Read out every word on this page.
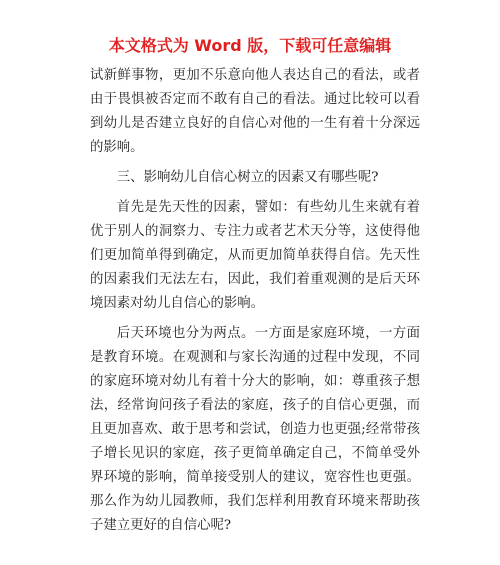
本文格式为 Word 版，下载可任意编辑

试新鲜事物，更加不乐意向他人表达自己的看法，或者由于畏惧被否定而不敢有自己的看法。通过比较可以看到幼儿是否建立良好的自信心对他的一生有着十分深远的影响。

三、影响幼儿自信心树立的因素又有哪些呢?

首先是先天性的因素，譬如：有些幼儿生来就有着优于别人的洞察力、专注力或者艺术天分等，这使得他们更加简单得到确定，从而更加简单获得自信。先天性的因素我们无法左右，因此，我们着重观测的是后天环境因素对幼儿自信心的影响。

后天环境也分为两点。一方面是家庭环境，一方面是教育环境。在观测和与家长沟通的过程中发现，不同的家庭环境对幼儿有着十分大的影响，如：尊重孩子想法，经常询问孩子看法的家庭，孩子的自信心更强，而且更加喜欢、敢于思考和尝试，创造力也更强;经常带孩子增长见识的家庭，孩子更简单确定自己，不简单受外界环境的影响，简单接受别人的建议，宽容性也更强。那么作为幼儿园教师，我们怎样利用教育环境来帮助孩子建立更好的自信心呢?
